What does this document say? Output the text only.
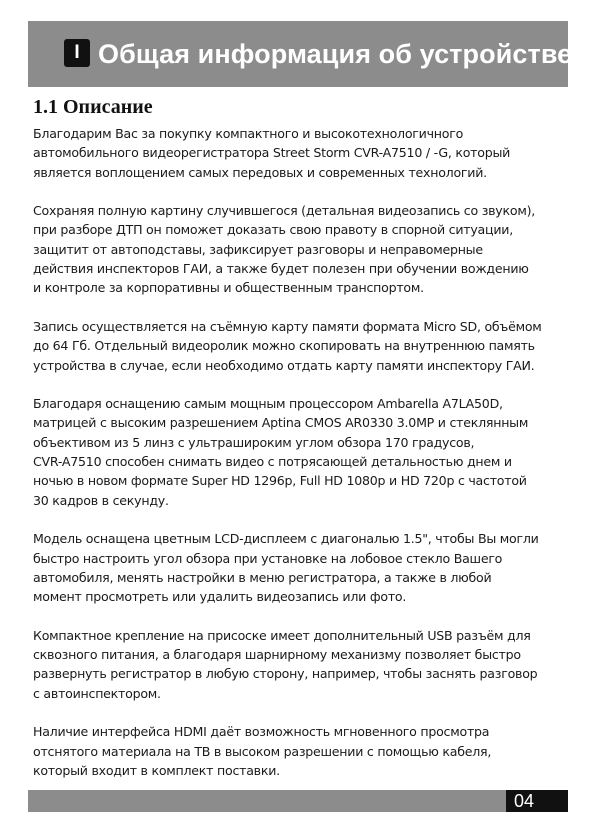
I Общая информация об устройстве
1.1 Описание

Благодарим Вас за покупку компактного и высокотехнологичного
автомобильного видеорегистратора Street Storm CVR-A7510 / -G, который
является воплощением самых передовых и современных технологий.

Сохраняя полную картину случившегося (детальная видеозапись со звуком),
при разборе ДТП он поможет доказать свою правоту в спорной ситуации,
защитит от автоподставы, зафиксирует разговоры и неправомерные
действия инспекторов ГАИ, а также будет полезен при обучении вождению
и контроле за корпоративны и общественным транспортом.

Запись осуществляется на съёмную карту памяти формата Micro SD, объёмом
до 64 Гб. Отдельный видеоролик можно скопировать на внутреннюю память
устройства в случае, если необходимо отдать карту памяти инспектору ГАИ.

Благодаря оснащению самым мощным процессором Ambarella A7LA50D,
матрицей с высоким разрешением Aptina CMOS AR0330 3.0MP и стеклянным
объективом из 5 линз с ультрашироким углом обзора 170 градусов,
CVR-A7510 способен снимать видео с потрясающей детальностью днем и
ночью в новом формате Super HD 1296p, Full HD 1080p и HD 720p с частотой
30 кадров в секунду.

Модель оснащена цветным LCD-дисплеем с диагональю 1.5", чтобы Вы могли
быстро настроить угол обзора при установке на лобовое стекло Вашего
автомобиля, менять настройки в меню регистратора, а также в любой
момент просмотреть или удалить видеозапись или фото.

Компактное крепление на присоске имеет дополнительный USB разъём для
сквозного питания, а благодаря шарнирному механизму позволяет быстро
развернуть регистратор в любую сторону, например, чтобы заснять разговор
с автоинспектором.

Наличие интерфейса HDMI даёт возможность мгновенного просмотра
отснятого материала на ТВ в высоком разрешении с помощью кабеля,
который входит в комплект поставки.

04
